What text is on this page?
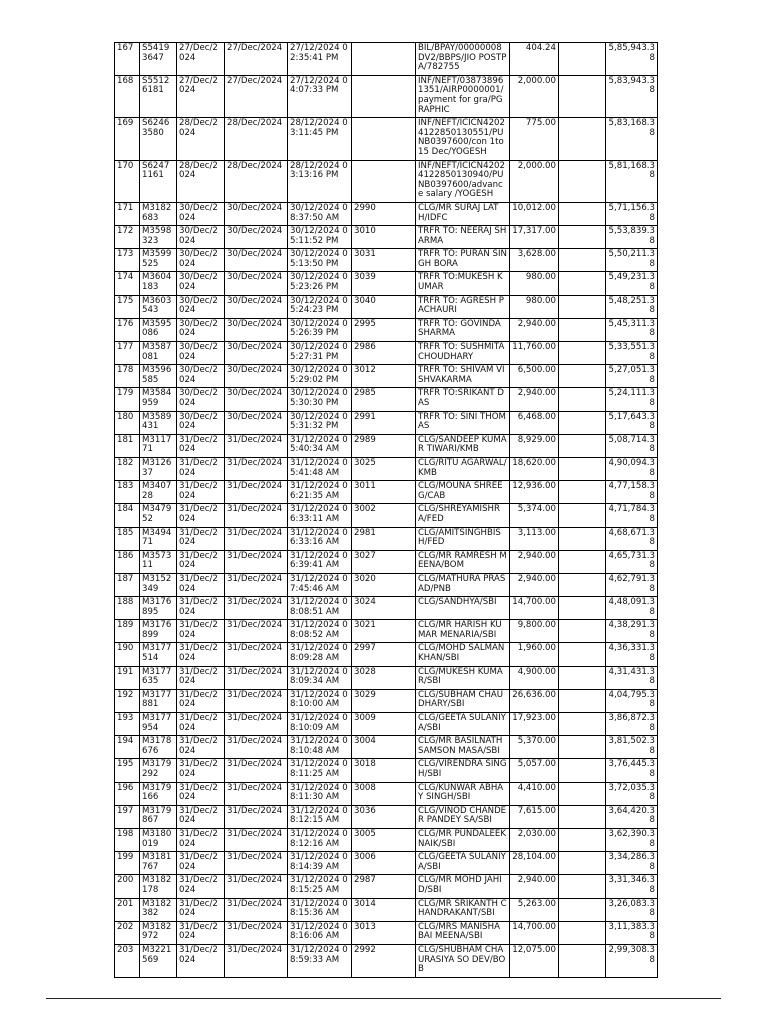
167	S54193647	27/Dec/2024	27/Dec/2024	27/12/2024 02:35:41 PM		BIL/BPAY/00000008DV2/BBPS/JIO POSTPA/782755	404.24		5,85,943.38
168	S55126181	27/Dec/2024	27/Dec/2024	27/12/2024 04:07:33 PM		INF/NEFT/038738961351/AIRP0000001/payment for gra/PGRAPHIC	2,000.00		5,83,943.38
169	S62463580	28/Dec/2024	28/Dec/2024	28/12/2024 03:11:45 PM		INF/NEFT/ICICN42024122850130551/PUNB0397600/con 1to 15 Dec/YOGESH	775.00		5,83,168.38
170	S62471161	28/Dec/2024	28/Dec/2024	28/12/2024 03:13:16 PM		INF/NEFT/ICICN42024122850130940/PUNB0397600/advance salary /YOGESH	2,000.00		5,81,168.38
171	M3182683	30/Dec/2024	30/Dec/2024	30/12/2024 08:37:50 AM	2990	CLG/MR SURAJ LATH/IDFC	10,012.00		5,71,156.38
172	M3598323	30/Dec/2024	30/Dec/2024	30/12/2024 05:11:52 PM	3010	TRFR TO: NEERAJ SHARMA	17,317.00		5,53,839.38
173	M3599525	30/Dec/2024	30/Dec/2024	30/12/2024 05:13:50 PM	3031	TRFR TO: PURAN SINGH BORA	3,628.00		5,50,211.38
174	M3604183	30/Dec/2024	30/Dec/2024	30/12/2024 05:23:26 PM	3039	TRFR TO:MUKESH KUMAR	980.00		5,49,231.38
175	M3603543	30/Dec/2024	30/Dec/2024	30/12/2024 05:24:23 PM	3040	TRFR TO: AGRESH PACHAURI	980.00		5,48,251.38
176	M3595086	30/Dec/2024	30/Dec/2024	30/12/2024 05:26:39 PM	2995	TRFR TO: GOVINDA SHARMA	2,940.00		5,45,311.38
177	M3587081	30/Dec/2024	30/Dec/2024	30/12/2024 05:27:31 PM	2986	TRFR TO: SUSHMITA CHOUDHARY	11,760.00		5,33,551.38
178	M3596585	30/Dec/2024	30/Dec/2024	30/12/2024 05:29:02 PM	3012	TRFR TO: SHIVAM VISHVAKARMA	6,500.00		5,27,051.38
179	M3584959	30/Dec/2024	30/Dec/2024	30/12/2024 05:30:30 PM	2985	TRFR TO:SRIKANT DAS	2,940.00		5,24,111.38
180	M3589431	30/Dec/2024	30/Dec/2024	30/12/2024 05:31:32 PM	2991	TRFR TO: SINI THOMAS	6,468.00		5,17,643.38
181	M311771	31/Dec/2024	31/Dec/2024	31/12/2024 05:40:34 AM	2989	CLG/SANDEEP KUMAR TIWARI/KMB	8,929.00		5,08,714.38
182	M312637	31/Dec/2024	31/Dec/2024	31/12/2024 05:41:48 AM	3025	CLG/RITU AGARWAL/KMB	18,620.00		4,90,094.38
183	M340728	31/Dec/2024	31/Dec/2024	31/12/2024 06:21:35 AM	3011	CLG/MOUNA SHREE G/CAB	12,936.00		4,77,158.38
184	M347952	31/Dec/2024	31/Dec/2024	31/12/2024 06:33:11 AM	3002	CLG/SHREYAMISHRA/FED	5,374.00		4,71,784.38
185	M349471	31/Dec/2024	31/Dec/2024	31/12/2024 06:33:16 AM	2981	CLG/AMITSINGHBISH/FED	3,113.00		4,68,671.38
186	M357311	31/Dec/2024	31/Dec/2024	31/12/2024 06:39:41 AM	3027	CLG/MR RAMRESH MEENA/BOM	2,940.00		4,65,731.38
187	M3152349	31/Dec/2024	31/Dec/2024	31/12/2024 07:45:46 AM	3020	CLG/MATHURA PRASAD/PNB	2,940.00		4,62,791.38
188	M3176895	31/Dec/2024	31/Dec/2024	31/12/2024 08:08:51 AM	3024	CLG/SANDHYA/SBI	14,700.00		4,48,091.38
189	M3176899	31/Dec/2024	31/Dec/2024	31/12/2024 08:08:52 AM	3021	CLG/MR HARISH KUMAR MENARIA/SBI	9,800.00		4,38,291.38
190	M3177514	31/Dec/2024	31/Dec/2024	31/12/2024 08:09:28 AM	2997	CLG/MOHD SALMAN KHAN/SBI	1,960.00		4,36,331.38
191	M3177635	31/Dec/2024	31/Dec/2024	31/12/2024 08:09:34 AM	3028	CLG/MUKESH KUMAR/SBI	4,900.00		4,31,431.38
192	M3177881	31/Dec/2024	31/Dec/2024	31/12/2024 08:10:00 AM	3029	CLG/SUBHAM CHAUDHARY/SBI	26,636.00		4,04,795.38
193	M3177954	31/Dec/2024	31/Dec/2024	31/12/2024 08:10:09 AM	3009	CLG/GEETA SULANIYA/SBI	17,923.00		3,86,872.38
194	M3178676	31/Dec/2024	31/Dec/2024	31/12/2024 08:10:48 AM	3004	CLG/MR BASILNATH SAMSON MASA/SBI	5,370.00		3,81,502.38
195	M3179292	31/Dec/2024	31/Dec/2024	31/12/2024 08:11:25 AM	3018	CLG/VIRENDRA SINGH/SBI	5,057.00		3,76,445.38
196	M3179166	31/Dec/2024	31/Dec/2024	31/12/2024 08:11:30 AM	3008	CLG/KUNWAR ABHAY SINGH/SBI	4,410.00		3,72,035.38
197	M3179867	31/Dec/2024	31/Dec/2024	31/12/2024 08:12:15 AM	3036	CLG/VINOD CHANDER PANDEY SA/SBI	7,615.00		3,64,420.38
198	M3180019	31/Dec/2024	31/Dec/2024	31/12/2024 08:12:16 AM	3005	CLG/MR PUNDALEEK NAIK/SBI	2,030.00		3,62,390.38
199	M3181767	31/Dec/2024	31/Dec/2024	31/12/2024 08:14:39 AM	3006	CLG/GEETA SULANIYA/SBI	28,104.00		3,34,286.38
200	M3182178	31/Dec/2024	31/Dec/2024	31/12/2024 08:15:25 AM	2987	CLG/MR MOHD JAHID/SBI	2,940.00		3,31,346.38
201	M3182382	31/Dec/2024	31/Dec/2024	31/12/2024 08:15:36 AM	3014	CLG/MR SRIKANTH CHANDRAKANT/SBI	5,263.00		3,26,083.38
202	M3182972	31/Dec/2024	31/Dec/2024	31/12/2024 08:16:06 AM	3013	CLG/MRS MANISHA BAI MEENA/SBI	14,700.00		3,11,383.38
203	M3221569	31/Dec/2024	31/Dec/2024	31/12/2024 08:59:33 AM	2992	CLG/SHUBHAM CHAURASIYA SO DEV/BOB	12,075.00		2,99,308.38
